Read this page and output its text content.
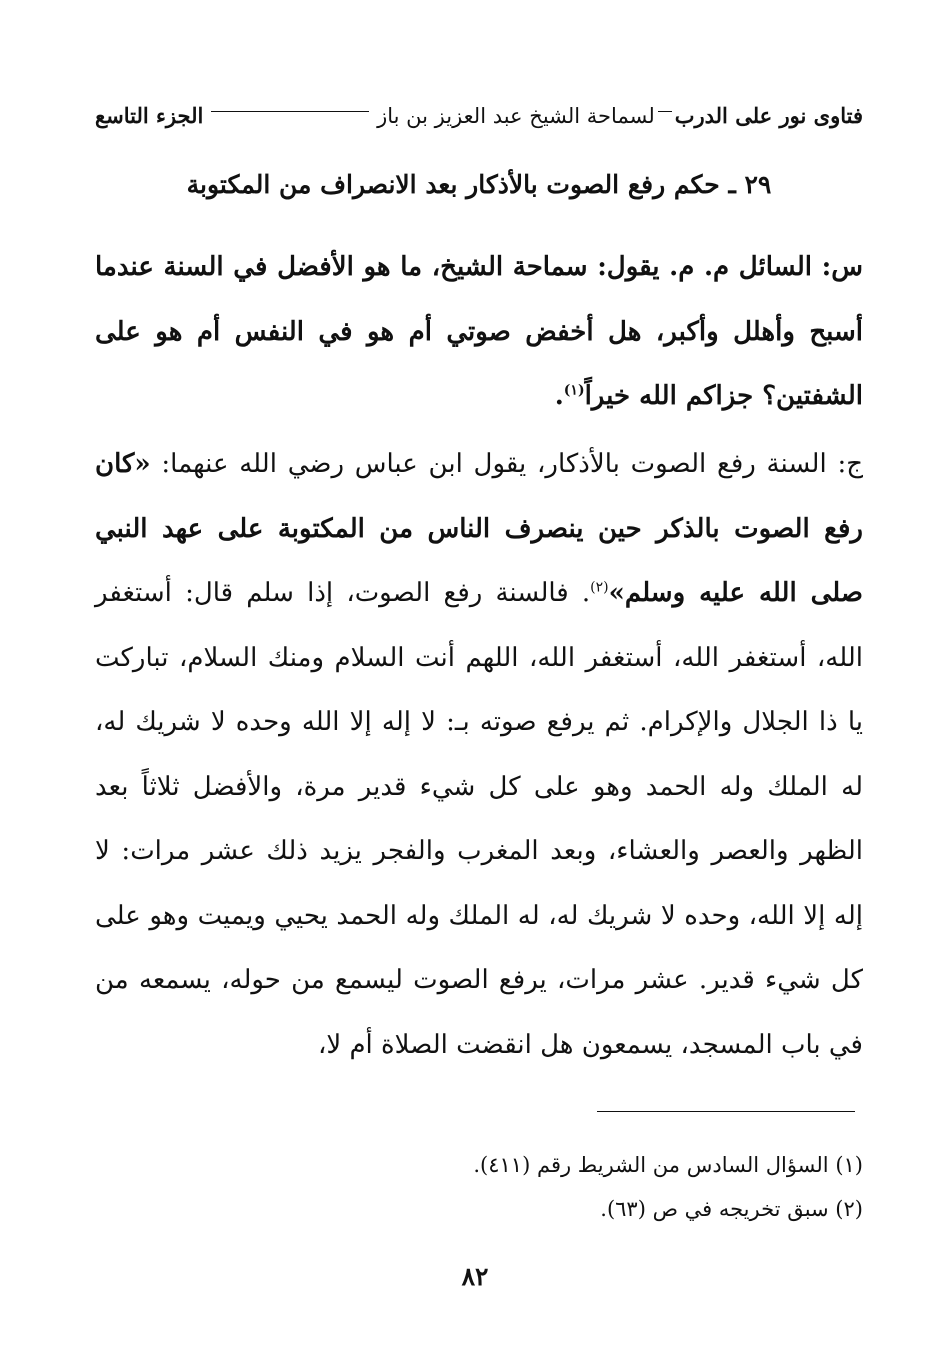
فتاوى نور على الدرب
لسماحة الشيخ عبد العزيز بن باز
الجزء التاسع
٢٩ ـ حكم رفع الصوت بالأذكار بعد الانصراف من المكتوبة
س: السائل م. م. يقول: سماحة الشيخ، ما هو الأفضل في السنة عندما أسبح وأهلل وأكبر، هل أخفض صوتي أم هو في النفس أم هو على الشفتين؟ جزاكم الله خيراً$^{(١)}$.
ج: السنة رفع الصوت بالأذكار، يقول ابن عباس رضي الله عنهما: «كان رفع الصوت بالذكر حين ينصرف الناس من المكتوبة على عهد النبي صلى الله عليه وسلم»$^{(٢)}$. فالسنة رفع الصوت، إذا سلم قال: أستغفر الله، أستغفر الله، أستغفر الله، اللهم أنت السلام ومنك السلام، تباركت يا ذا الجلال والإكرام. ثم يرفع صوته بـ: لا إله إلا الله وحده لا شريك له، له الملك وله الحمد وهو على كل شيء قدير مرة، والأفضل ثلاثاً بعد الظهر والعصر والعشاء، وبعد المغرب والفجر يزيد ذلك عشر مرات: لا إله إلا الله، وحده لا شريك له، له الملك وله الحمد يحيي ويميت وهو على كل شيء قدير. عشر مرات، يرفع الصوت ليسمع من حوله، يسمعه من في باب المسجد، يسمعون هل انقضت الصلاة أم لا،
(١) السؤال السادس من الشريط رقم (٤١١).
(٢) سبق تخريجه في ص (٦٣).
٨٢
